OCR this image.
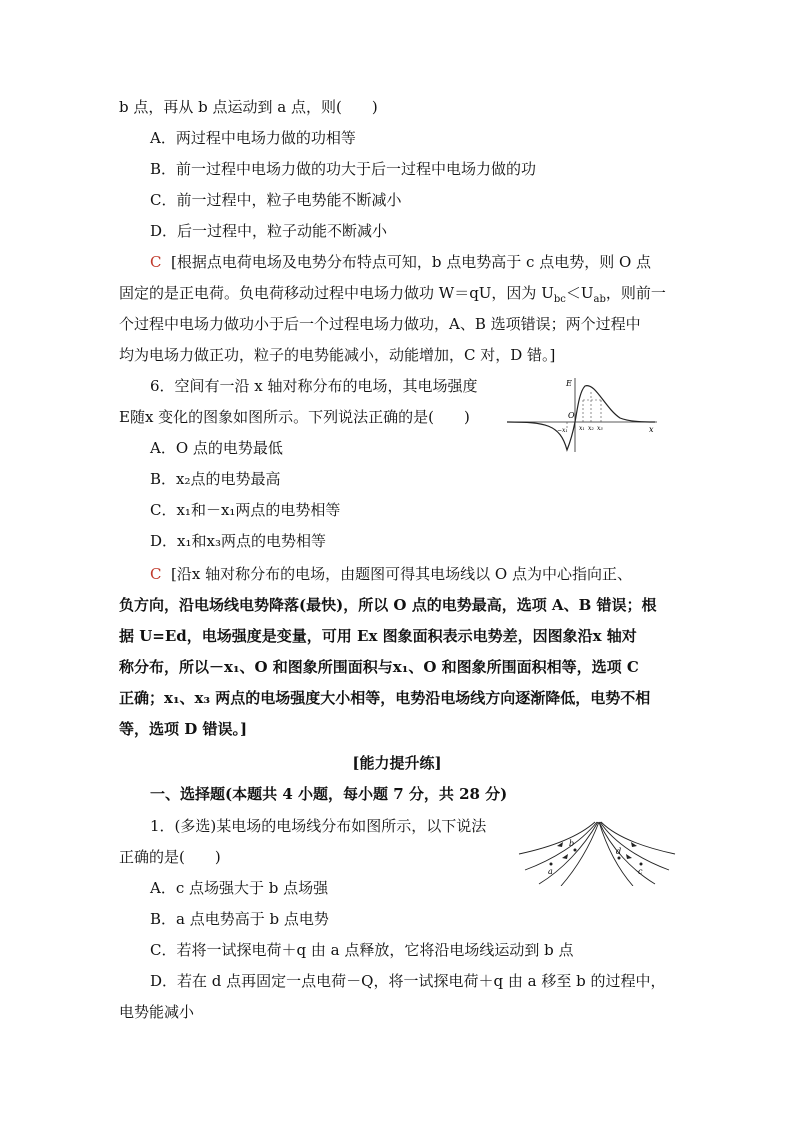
b 点，再从 b 点运动到 a 点，则(　　)
A．两过程中电场力做的功相等
B．前一过程中电场力做的功大于后一过程中电场力做的功
C．前一过程中，粒子电势能不断减小
D．后一过程中，粒子动能不断减小
C [根据点电荷电场及电势分布特点可知，b 点电势高于 c 点电势，则 O 点
固定的是正电荷。负电荷移动过程中电场力做功 W＝qU，因为 $U_{bc}<U_{ab}$，则前一
个过程中电场力做功小于后一个过程电场力做功，A、B 选项错误；两个过程中
均为电场力做正功，粒子的电势能减小，动能增加，C 对，D 错。]
6．空间有一沿 x 轴对称分布的电场，其电场强度
E随x 变化的图象如图所示。下列说法正确的是(　　)
E
O
x
−x₁ x₁ x₂ x₃
A．O 点的电势最低
B．x₂点的电势最高
C．x₁和－x₁两点的电势相等
D．x₁和x₃两点的电势相等
C [沿x 轴对称分布的电场，由题图可得其电场线以 O 点为中心指向正、
负方向，沿电场线电势降落(最快)，所以 O 点的电势最高，选项 A、B 错误；根
据 U=Ed，电场强度是变量，可用 Ex 图象面积表示电势差，因图象沿x 轴对
称分布，所以－x₁、O 和图象所围面积与x₁、O 和图象所围面积相等，选项 C
正确；x₁、x₃ 两点的电场强度大小相等，电势沿电场线方向逐渐降低，电势不相
等，选项 D 错误。]
[能力提升练]
一、选择题(本题共 4 小题，每小题 7 分，共 28 分)
1．(多选)某电场的电场线分布如图所示，以下说法
正确的是(　　)
a
b
c
d
A．c 点场强大于 b 点场强
B．a 点电势高于 b 点电势
C．若将一试探电荷＋q 由 a 点释放，它将沿电场线运动到 b 点
D．若在 d 点再固定一点电荷－Q，将一试探电荷＋q 由 a 移至 b 的过程中，
电势能减小
